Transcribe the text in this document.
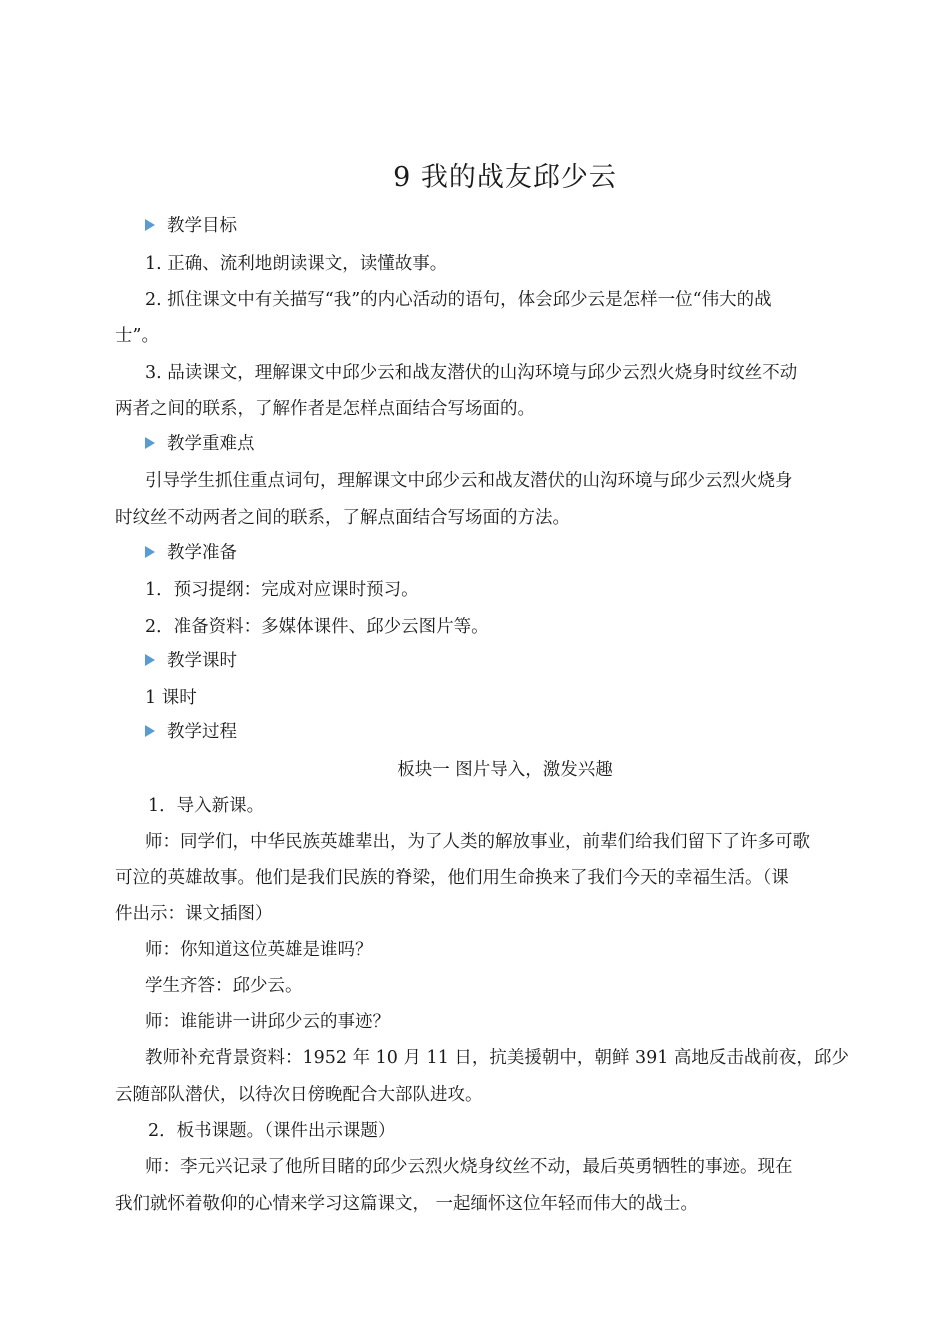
9 我的战友邱少云
教学目标
1. 正确、流利地朗读课文，读懂故事。
2. 抓住课文中有关描写“我”的内心活动的语句，体会邱少云是怎样一位“伟大的战
士”。
3. 品读课文，理解课文中邱少云和战友潜伏的山沟环境与邱少云烈火烧身时纹丝不动
两者之间的联系，了解作者是怎样点面结合写场面的。
教学重难点
引导学生抓住重点词句，理解课文中邱少云和战友潜伏的山沟环境与邱少云烈火烧身
时纹丝不动两者之间的联系，了解点面结合写场面的方法。
教学准备
1．预习提纲：完成对应课时预习。
2．准备资料：多媒体课件、邱少云图片等。
教学课时
1 课时
教学过程
板块一 图片导入，激发兴趣
1．导入新课。
师：同学们，中华民族英雄辈出，为了人类的解放事业，前辈们给我们留下了许多可歌
可泣的英雄故事。他们是我们民族的脊梁，他们用生命换来了我们今天的幸福生活。（课
件出示：课文插图）
师：你知道这位英雄是谁吗？
学生齐答：邱少云。
师：谁能讲一讲邱少云的事迹？
教师补充背景资料：1952 年 10 月 11 日，抗美援朝中，朝鲜 391 高地反击战前夜，邱少
云随部队潜伏，以待次日傍晚配合大部队进攻。
2．板书课题。（课件出示课题）
师：李元兴记录了他所目睹的邱少云烈火烧身纹丝不动，最后英勇牺牲的事迹。现在
我们就怀着敬仰的心情来学习这篇课文， 一起缅怀这位年轻而伟大的战士。
